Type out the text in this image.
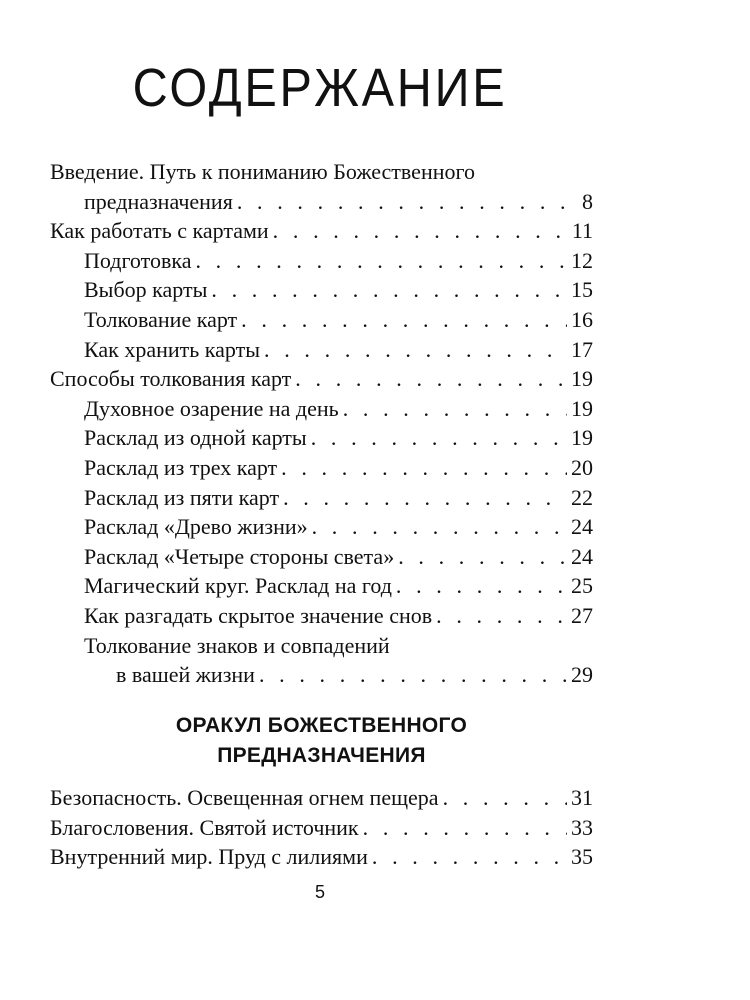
СОДЕРЖАНИЕ
Введение. Путь к пониманию Божественного
предназначения . . .	8
Как работать с картами . . .	11
Подготовка . . .	12
Выбор карты . . .	15
Толкование карт . . .	16
Как хранить карты . . .	17
Способы толкования карт . . .	19
Духовное озарение на день . . .	19
Расклад из одной карты . . .	19
Расклад из трех карт . . .	20
Расклад из пяти карт . . .	22
Расклад «Древо жизни» . . .	24
Расклад «Четыре стороны света» . . .	24
Магический круг. Расклад на год . . .	25
Как разгадать скрытое значение снов . . .	27
Толкование знаков и совпадений
в вашей жизни . . .	29
ОРАКУЛ БОЖЕСТВЕННОГО
ПРЕДНАЗНАЧЕНИЯ
Безопасность. Освещенная огнем пещера . . .	31
Благословения. Святой источник . . .	33
Внутренний мир. Пруд с лилиями . . .	35
5
